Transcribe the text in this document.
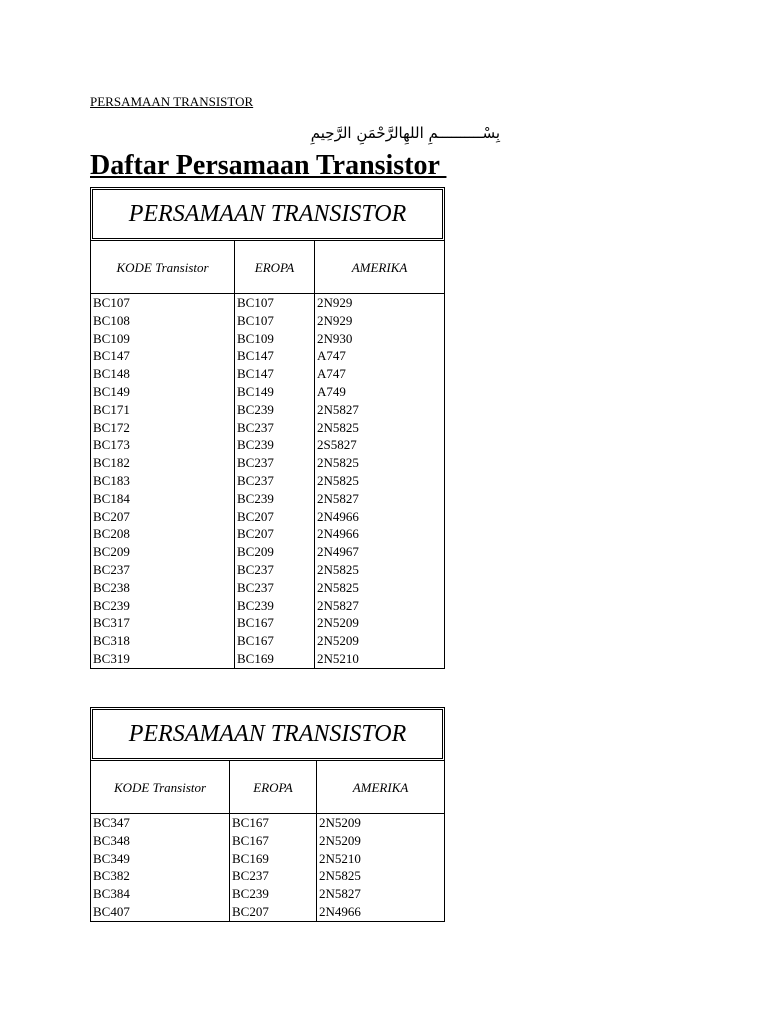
PERSAMAAN TRANSISTOR
بِسْــــــــــمِ اللهِالرَّحْمَنِ الرَّحِيمِ
Daftar Persamaan Transistor
PERSAMAAN TRANSISTOR		

KODE Transistor	EROPA	AMERIKA
BC107	BC107	2N929
BC108	BC107	2N929
BC109	BC109	2N930
BC147	BC147	A747
BC148	BC147	A747
BC149	BC149	A749
BC171	BC239	2N5827
BC172	BC237	2N5825
BC173	BC239	2S5827
BC182	BC237	2N5825
BC183	BC237	2N5825
BC184	BC239	2N5827
BC207	BC207	2N4966
BC208	BC207	2N4966
BC209	BC209	2N4967
BC237	BC237	2N5825
BC238	BC237	2N5825
BC239	BC239	2N5827
BC317	BC167	2N5209
BC318	BC167	2N5209
BC319	BC169	2N5210
PERSAMAAN TRANSISTOR		

KODE Transistor	EROPA	AMERIKA
BC347	BC167	2N5209
BC348	BC167	2N5209
BC349	BC169	2N5210
BC382	BC237	2N5825
BC384	BC239	2N5827
BC407	BC207	2N4966
